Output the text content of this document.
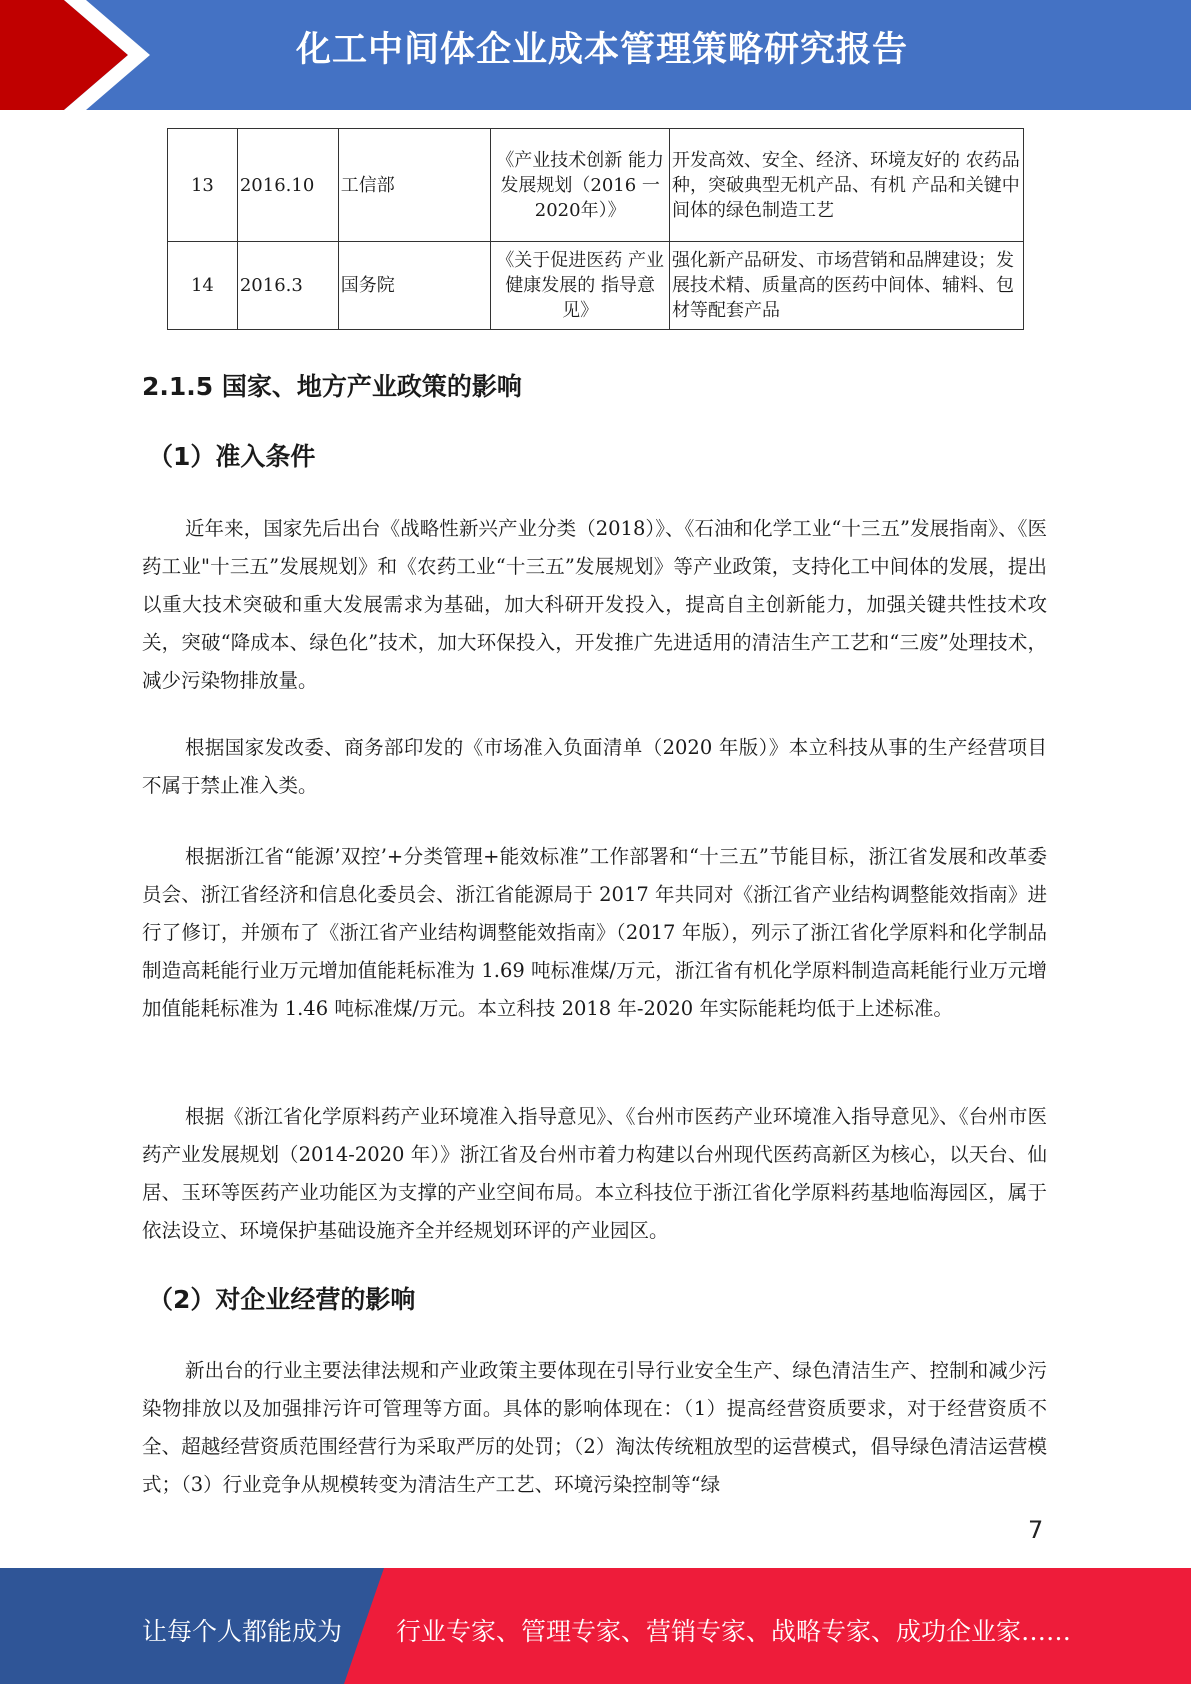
化工中间体企业成本管理策略研究报告
13	2016.10	工信部	《产业技术创新 能力发展规划（2016 一 2020年）》	开发高效、安全、经济、环境友好的 农药品种，突破典型无机产品、有机 产品和关键中间体的绿色制造工艺
14	2016.3	国务院	《关于促进医药 产业健康发展的 指导意见》	强化新产品研发、市场营销和品牌建设；发展技术精、质量高的医药中间体、辅料、包材等配套产品
2.1.5 国家、地方产业政策的影响
（1）准入条件

近年来，国家先后出台《战略性新兴产业分类（2018）》、《石油和化学工业“十三五”发展指南》、《医药工业"十三五”发展规划》和《农药工业“十三五”发展规划》等产业政策，支持化工中间体的发展，提出以重大技术突破和重大发展需求为基础，加大科研开发投入，提高自主创新能力，加强关键共性技术攻关，突破“降成本、绿色化”技术，加大环保投入，开发推广先进适用的清洁生产工艺和“三废”处理技术，减少污染物排放量。

根据国家发改委、商务部印发的《市场准入负面清单（2020 年版）》本立科技从事的生产经营项目不属于禁止准入类。

根据浙江省“能源’双控’+分类管理+能效标准”工作部署和“十三五”节能目标，浙江省发展和改革委员会、浙江省经济和信息化委员会、浙江省能源局于 2017 年共同对《浙江省产业结构调整能效指南》进行了修订，并颁布了《浙江省产业结构调整能效指南》（2017 年版），列示了浙江省化学原料和化学制品制造高耗能行业万元增加值能耗标准为 1.69 吨标准煤/万元，浙江省有机化学原料制造高耗能行业万元增加值能耗标准为 1.46 吨标准煤/万元。本立科技 2018 年-2020 年实际能耗均低于上述标准。

根据《浙江省化学原料药产业环境准入指导意见》、《台州市医药产业环境准入指导意见》、《台州市医药产业发展规划（2014-2020 年）》浙江省及台州市着力构建以台州现代医药高新区为核心，以天台、仙居、玉环等医药产业功能区为支撑的产业空间布局。本立科技位于浙江省化学原料药基地临海园区，属于依法设立、环境保护基础设施齐全并经规划环评的产业园区。

（2）对企业经营的影响

新出台的行业主要法律法规和产业政策主要体现在引导行业安全生产、绿色清洁生产、控制和减少污染物排放以及加强排污许可管理等方面。具体的影响体现在：（1）提高经营资质要求，对于经营资质不全、超越经营资质范围经营行为采取严厉的处罚；（2）淘汰传统粗放型的运营模式，倡导绿色清洁运营模式；（3）行业竞争从规模转变为清洁生产工艺、环境污染控制等“绿

7
让每个人都能成为 行业专家、管理专家、营销专家、战略专家、成功企业家……
